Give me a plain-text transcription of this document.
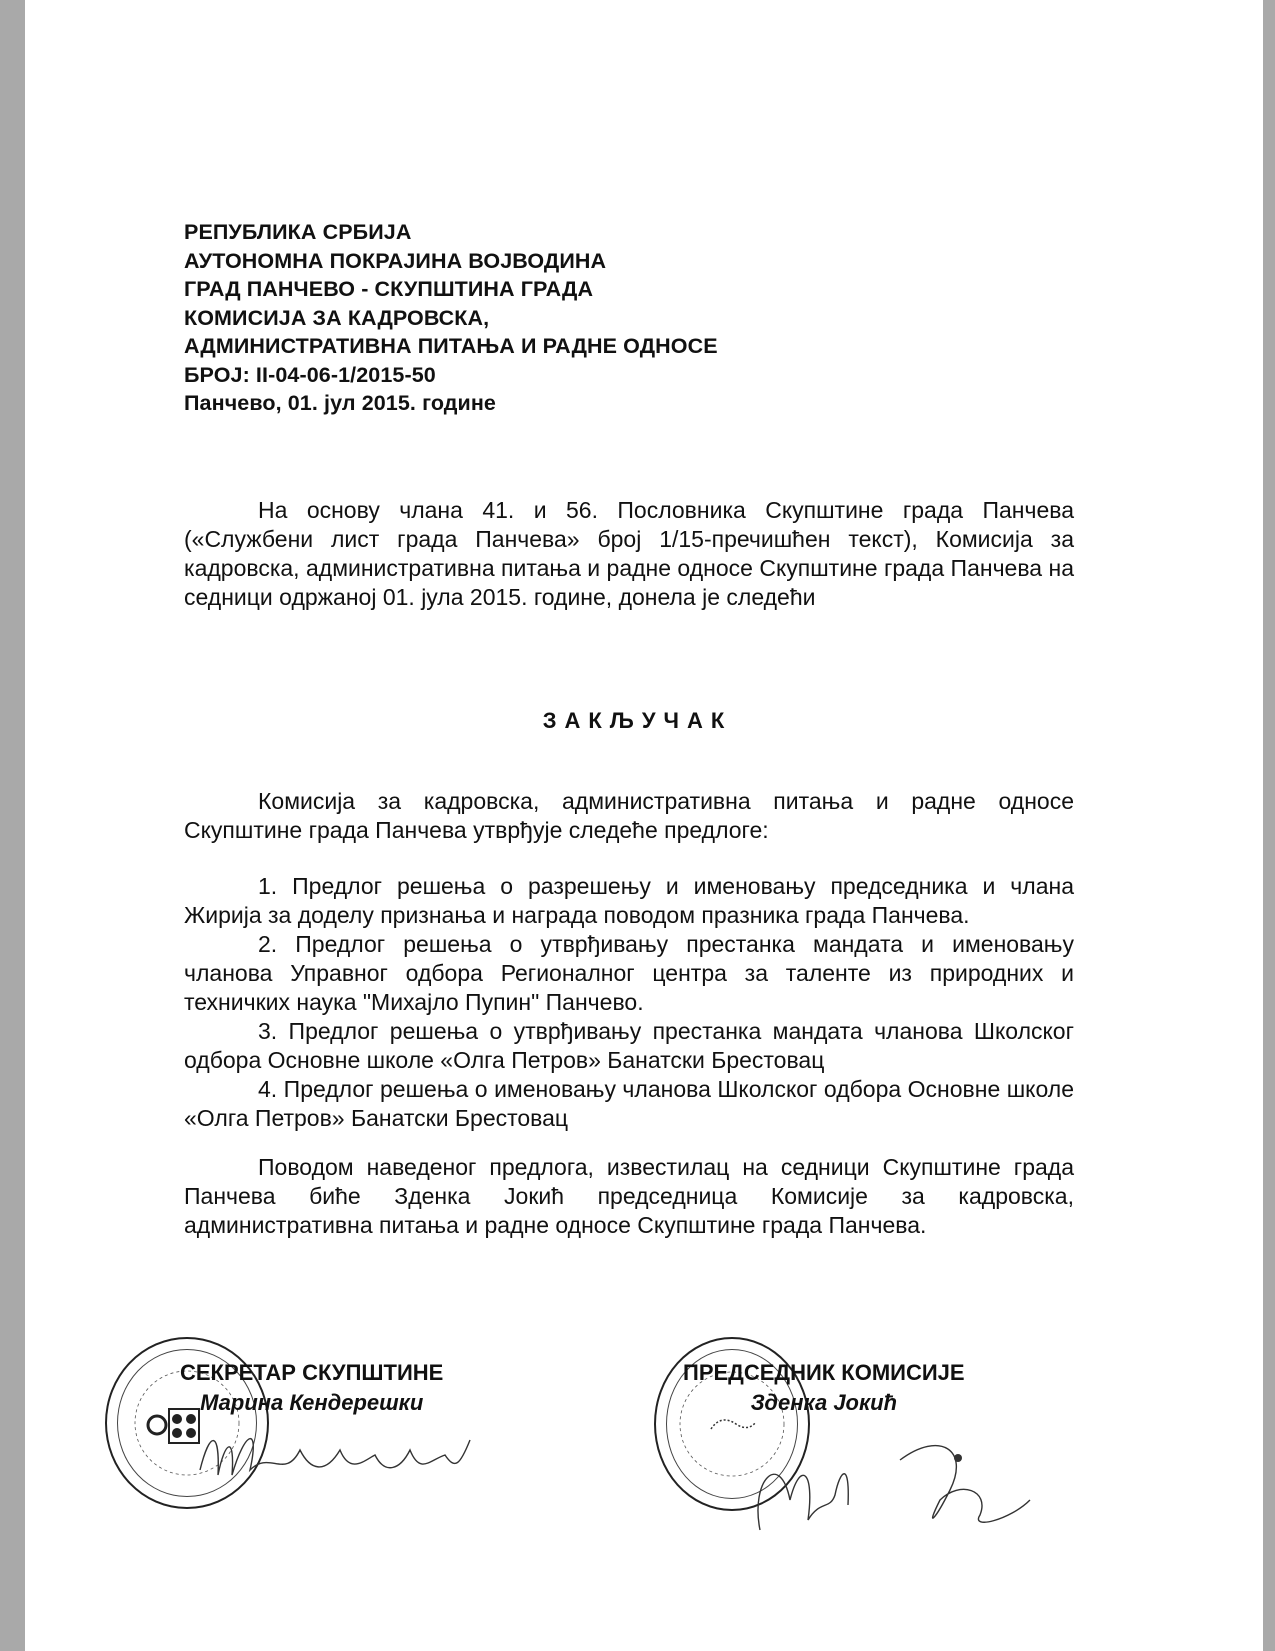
РЕПУБЛИКА СРБИЈА
АУТОНОМНА ПОКРАЈИНА ВОЈВОДИНА
ГРАД ПАНЧЕВО - СКУПШТИНА ГРАДА
КОМИСИЈА ЗА КАДРОВСКА,
АДМИНИСТРАТИВНА ПИТАЊА И РАДНЕ ОДНОСЕ
БРОЈ: II-04-06-1/2015-50
Панчево, 01. јул 2015. године
На основу члана 41. и 56. Пословника Скупштине града Панчева («Службени лист града Панчева» број 1/15-пречишћен текст), Комисија за кадровска, административна питања и радне односе Скупштине града Панчева на седници одржаној 01. јула 2015. године, донела је следећи
ЗАКЉУЧАК
Комисија за кадровска, административна питања и радне односе Скупштине града Панчева утврђује следеће предлоге:

1. Предлог решења о разрешењу и именовању председника и члана Жирија за доделу признања и награда поводом празника града Панчева.

2. Предлог решења о утврђивању престанка мандата и именовању чланова Управног одбора Регионалног центра за таленте из природних и техничких наука "Михајло Пупин" Панчево.

3. Предлог решења о утврђивању престанка мандата чланова Школског одбора Основне школе «Олга Петров» Банатски Брестовац

4. Предлог решења о именовању чланова Школског одбора Основне школе «Олга Петров» Банатски Брестовац

Поводом наведеног предлога, известилац на седници Скупштине града Панчева биће Зденка Јокић председница Комисије за кадровска, административна питања и радне односе Скупштине града Панчева.
СЕКРЕТАР СКУПШТИНЕ
Марина Кендерешки
ПРЕДСЕДНИК КОМИСИЈЕ
Зденка Јокић
